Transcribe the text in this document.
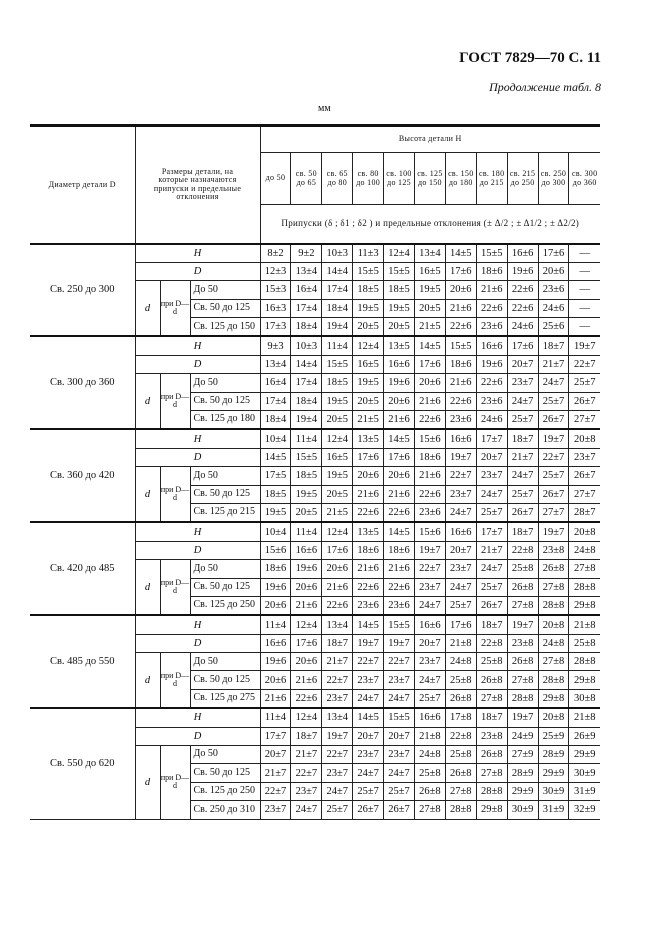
ГОСТ 7829—70 С. 11
Продолжение табл. 8
мм
Диаметр детали D	Размеры детали, на которые назначаются припуски и предельные отклонения			Высота детали H										
				до 50	св. 50 до 65	св. 65 до 80	св. 80 до 100	св. 100 до 125	св. 125 до 150	св. 150 до 180	св. 180 до 215	св. 215 до 250	св. 250 до 300	св. 300 до 360
				Припуски (δ ; δ1 ; δ2 ) и предельные отклонения (± Δ/2 ; ± Δ1/2 ; ± Δ2/2)										
Св. 250 до 300	H			8±2	9±2	10±3	11±3	12±4	13±4	14±5	15±5	16±6	17±6	—
	D			12±3	13±4	14±4	15±5	15±5	16±5	17±6	18±6	19±6	20±6	—
	d	при D—d	До 50	15±3	16±4	17±4	18±5	18±5	19±5	20±6	21±6	22±6	23±6	—
			Св. 50 до 125	16±3	17±4	18±4	19±5	19±5	20±5	21±6	22±6	22±6	24±6	—
			Св. 125 до 150	17±3	18±4	19±4	20±5	20±5	21±5	22±6	23±6	24±6	25±6	—
Св. 300 до 360	H			9±3	10±3	11±4	12±4	13±5	14±5	15±5	16±6	17±6	18±7	19±7
	D			13±4	14±4	15±5	16±5	16±6	17±6	18±6	19±6	20±7	21±7	22±7
	d	при D—d	До 50	16±4	17±4	18±5	19±5	19±6	20±6	21±6	22±6	23±7	24±7	25±7
			Св. 50 до 125	17±4	18±4	19±5	20±5	20±6	21±6	22±6	23±6	24±7	25±7	26±7
			Св. 125 до 180	18±4	19±4	20±5	21±5	21±6	22±6	23±6	24±6	25±7	26±7	27±7
Св. 360 до 420	H			10±4	11±4	12±4	13±5	14±5	15±6	16±6	17±7	18±7	19±7	20±8
	D			14±5	15±5	16±5	17±6	17±6	18±6	19±7	20±7	21±7	22±7	23±7
	d	при D—d	До 50	17±5	18±5	19±5	20±6	20±6	21±6	22±7	23±7	24±7	25±7	26±7
			Св. 50 до 125	18±5	19±5	20±5	21±6	21±6	22±6	23±7	24±7	25±7	26±7	27±7
			Св. 125 до 215	19±5	20±5	21±5	22±6	22±6	23±6	24±7	25±7	26±7	27±7	28±7
Св. 420 до 485	H			10±4	11±4	12±4	13±5	14±5	15±6	16±6	17±7	18±7	19±7	20±8
	D			15±6	16±6	17±6	18±6	18±6	19±7	20±7	21±7	22±8	23±8	24±8
	d	при D—d	До 50	18±6	19±6	20±6	21±6	21±6	22±7	23±7	24±7	25±8	26±8	27±8
			Св. 50 до 125	19±6	20±6	21±6	22±6	22±6	23±7	24±7	25±7	26±8	27±8	28±8
			Св. 125 до 250	20±6	21±6	22±6	23±6	23±6	24±7	25±7	26±7	27±8	28±8	29±8
Св. 485 до 550	H			11±4	12±4	13±4	14±5	15±5	16±6	17±6	18±7	19±7	20±8	21±8
	D			16±6	17±6	18±7	19±7	19±7	20±7	21±8	22±8	23±8	24±8	25±8
	d	при D—d	До 50	19±6	20±6	21±7	22±7	22±7	23±7	24±8	25±8	26±8	27±8	28±8
			Св. 50 до 125	20±6	21±6	22±7	23±7	23±7	24±7	25±8	26±8	27±8	28±8	29±8
			Св. 125 до 275	21±6	22±6	23±7	24±7	24±7	25±7	26±8	27±8	28±8	29±8	30±8
Св. 550 до 620	H			11±4	12±4	13±4	14±5	15±5	16±6	17±8	18±7	19±7	20±8	21±8
	D			17±7	18±7	19±7	20±7	20±7	21±8	22±8	23±8	24±9	25±9	26±9
	d	при D—d	До 50	20±7	21±7	22±7	23±7	23±7	24±8	25±8	26±8	27±9	28±9	29±9
			Св. 50 до 125	21±7	22±7	23±7	24±7	24±7	25±8	26±8	27±8	28±9	29±9	30±9
			Св. 125 до 250	22±7	23±7	24±7	25±7	25±7	26±8	27±8	28±8	29±9	30±9	31±9
			Св. 250 до 310	23±7	24±7	25±7	26±7	26±7	27±8	28±8	29±8	30±9	31±9	32±9
